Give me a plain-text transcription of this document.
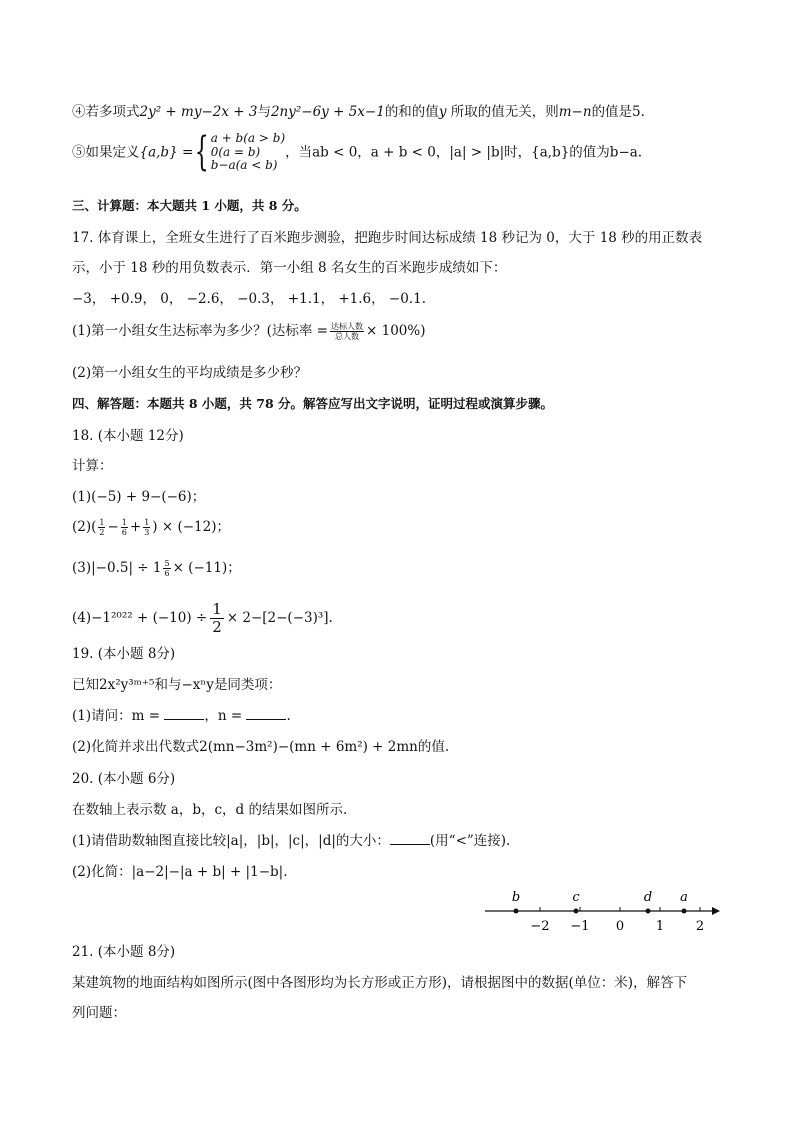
④若多项式2y² + my−2x + 3与2ny²−6y + 5x−1的和的值y 所取的值无关，则m−n的值是5.
⑤如果定义{a,b} ={ a + b(a > b)
0(a = b)
b−a(a < b)
，当ab < 0，a + b < 0，|a| > |b|时，{a,b}的值为b−a.
三、计算题：本大题共 1 小题，共 8 分。
17. 体育课上，全班女生进行了百米跑步测验，把跑步时间达标成绩 18 秒记为 0，大于 18 秒的用正数表
示，小于 18 秒的用负数表示．第一小组 8 名女生的百米跑步成绩如下：
−3， +0.9， 0， −2.6， −0.3， +1.1， +1.6， −0.1.
(1)第一小组女生达标率为多少？(达标率 = $\frac{\text{达标人数}}{\text{总人数}} \times 100\%$)
(2)第一小组女生的平均成绩是多少秒？
四、解答题：本题共 8 小题，共 78 分。解答应写出文字说明，证明过程或演算步骤。
18. (本小题 12分)
计算：
(1)(−5) + 9−(−6)；
$(2)( \frac{1}{2} - \frac{1}{6} + \frac{1}{3}$ ) × (−12)；
$(3)|-0.5| \div 1 \frac{5}{6} \times (-11)$；
$(4)-1^{2022} + (-10) \div \frac{1}{2} \times 2-[2-(-3)^3]$.
19. (本小题 8分)
已知2x²y³ᵐ⁺⁵和与−xⁿy是同类项：
(1)请问：m =	，n =	.
(2)化简并求出代数式2(mn−3m²)−(mn + 6m²) + 2mn的值.
20. (本小题 6分)
在数轴上表示数 a，b，c，d 的结果如图所示.
(1)请借助数轴图直接比较|a|，|b|，|c|，|d|的大小：	(用“<”连接).
(2)化简：|a−2|−|a + b| + |1−b|.
−2 −1 0 1 2
b	c	d a
21. (本小题 8分)
某建筑物的地面结构如图所示(图中各图形均为长方形或正方形)，请根据图中的数据(单位：米)，解答下
列问题：
